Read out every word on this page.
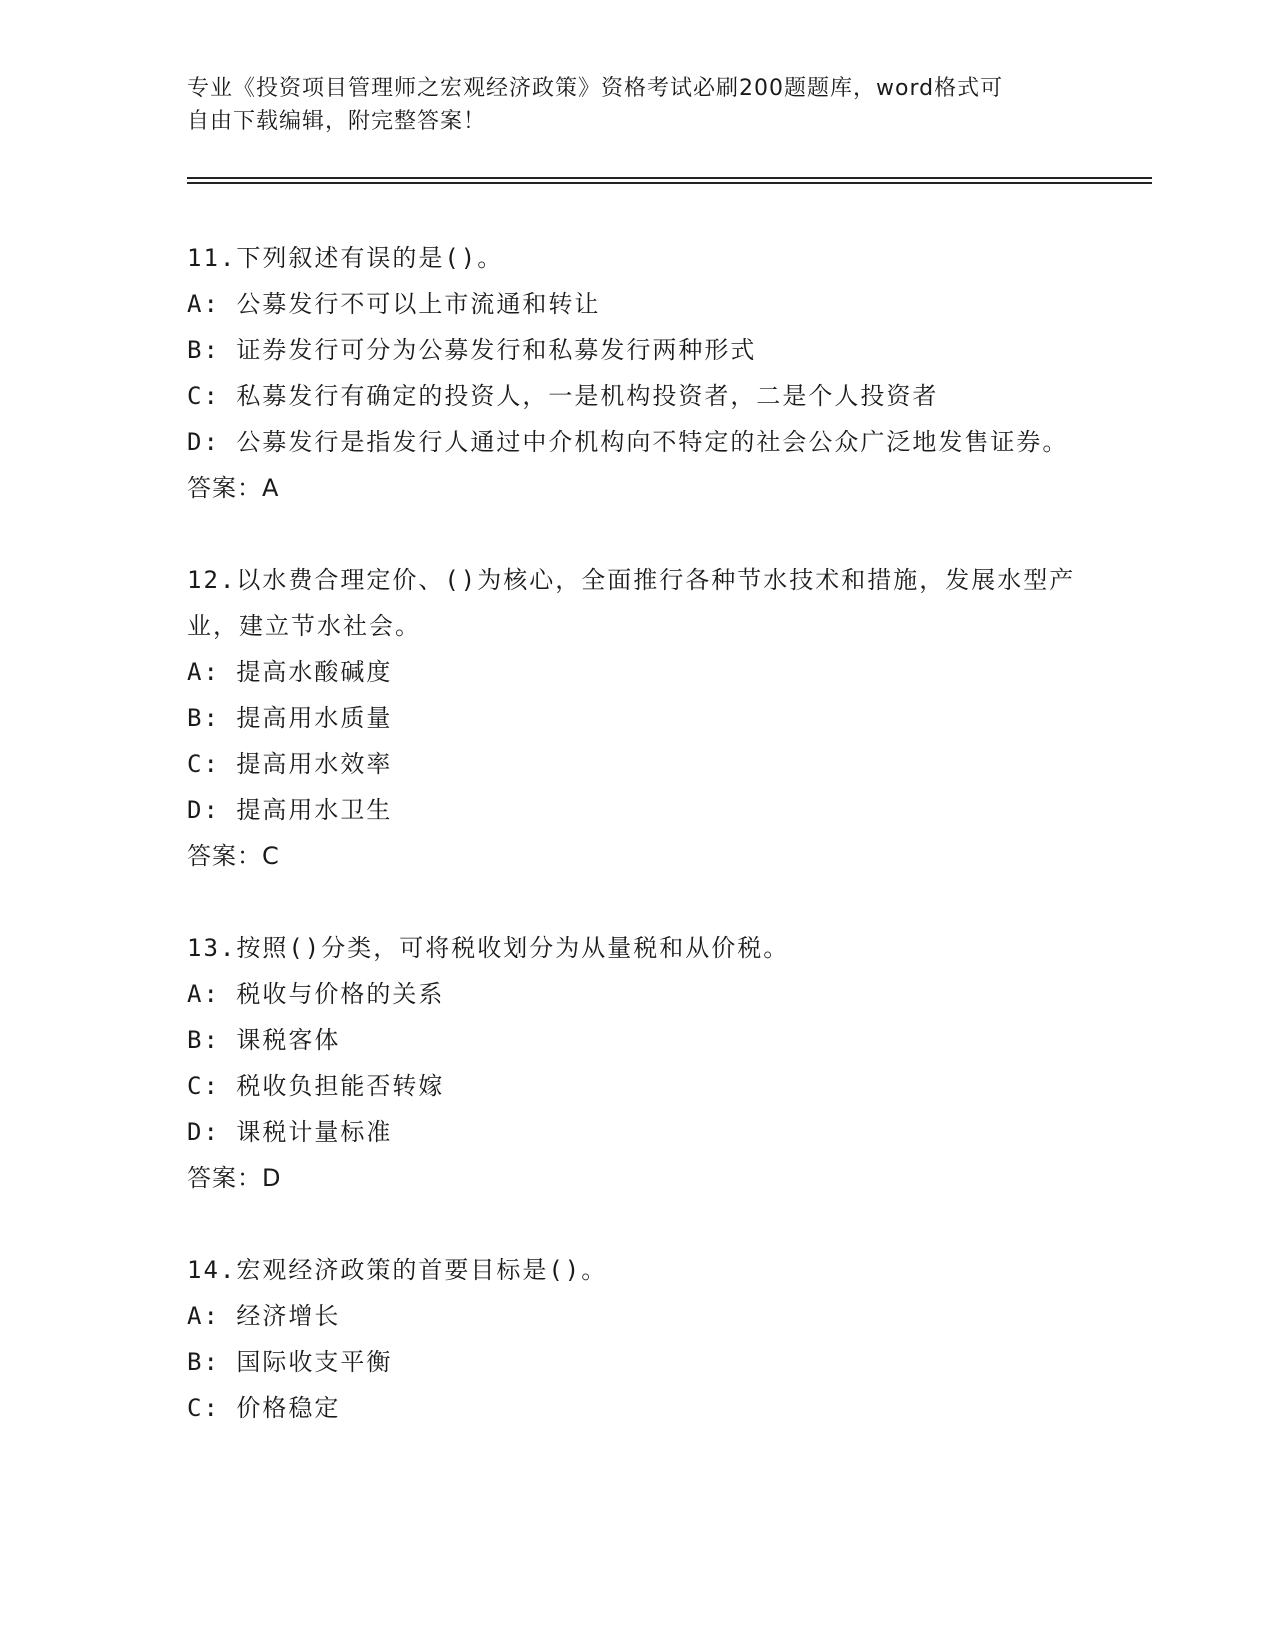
专业《投资项目管理师之宏观经济政策》资格考试必刷200题题库，word格式可
自由下载编辑，附完整答案！
11.下列叙述有误的是()。
A: 公募发行不可以上市流通和转让
B: 证券发行可分为公募发行和私募发行两种形式
C: 私募发行有确定的投资人，一是机构投资者，二是个人投资者
D: 公募发行是指发行人通过中介机构向不特定的社会公众广泛地发售证券。
答案：A
12.以水费合理定价、()为核心，全面推行各种节水技术和措施，发展水型产业，建立节水社会。
A: 提高水酸碱度
B: 提高用水质量
C: 提高用水效率
D: 提高用水卫生
答案：C
13.按照()分类，可将税收划分为从量税和从价税。
A: 税收与价格的关系
B: 课税客体
C: 税收负担能否转嫁
D: 课税计量标准
答案：D
14.宏观经济政策的首要目标是()。
A: 经济增长
B: 国际收支平衡
C: 价格稳定
